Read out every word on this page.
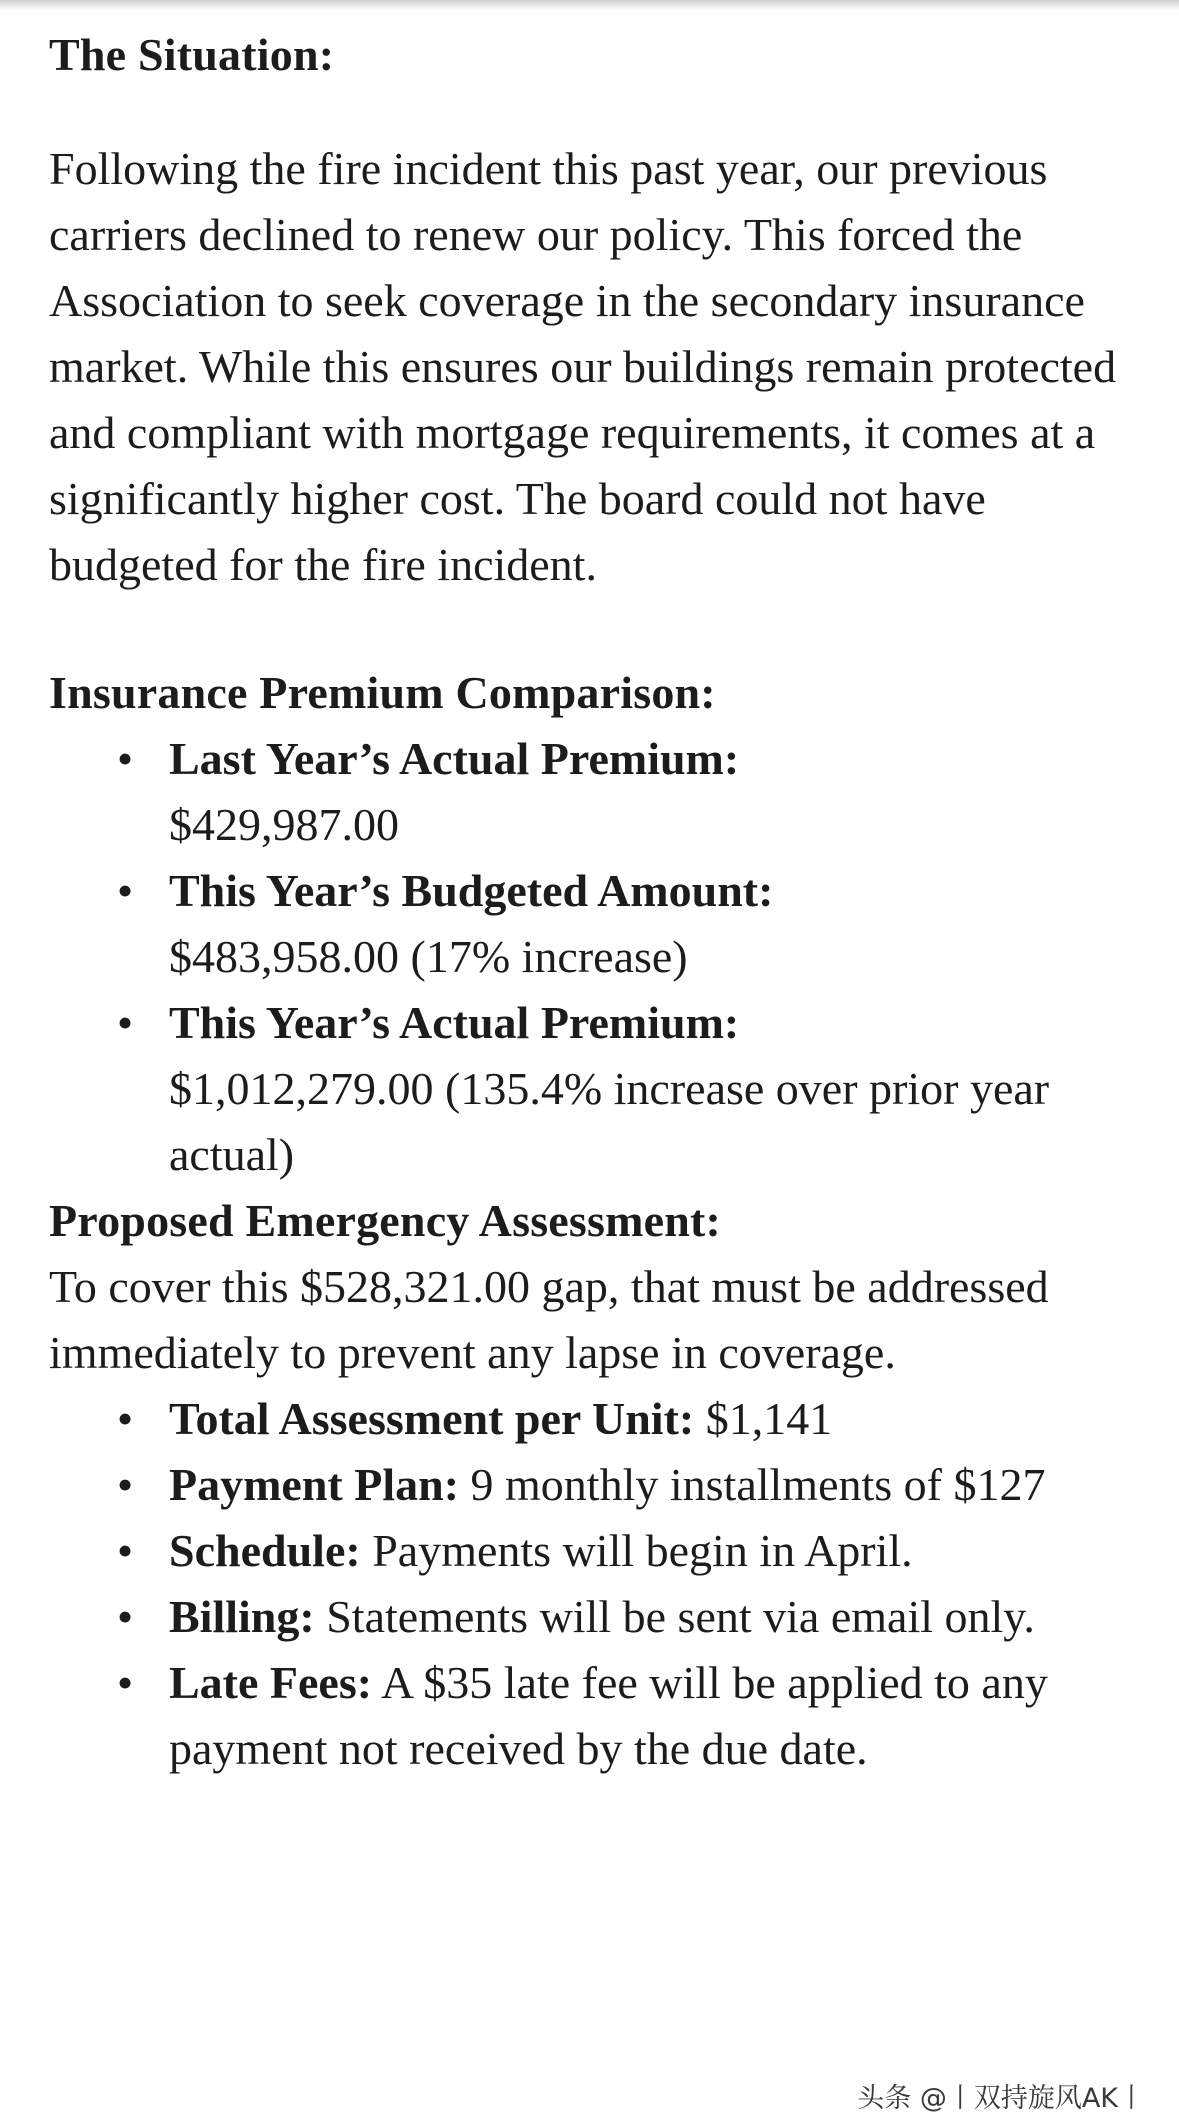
The Situation:

Following the fire incident this past year, our previous carriers declined to renew our policy. This forced the Association to seek coverage in the secondary insurance market. While this ensures our buildings remain protected and compliant with mortgage requirements, it comes at a significantly higher cost. The board could not have budgeted for the fire incident.

Insurance Premium Comparison:
• Last Year’s Actual Premium:
$429,987.00
• This Year’s Budgeted Amount:
$483,958.00 (17% increase)
• This Year’s Actual Premium:
$1,012,279.00 (135.4% increase over prior year actual)
Proposed Emergency Assessment:

To cover this $528,321.00 gap, that must be addressed immediately to prevent any lapse in coverage.

• Total Assessment per Unit: $1,141
• Payment Plan: 9 monthly installments of $127
• Schedule: Payments will begin in April.
• Billing: Statements will be sent via email only.
• Late Fees: A $35 late fee will be applied to any payment not received by the due date.
头条 @丨双持旋风AK丨
